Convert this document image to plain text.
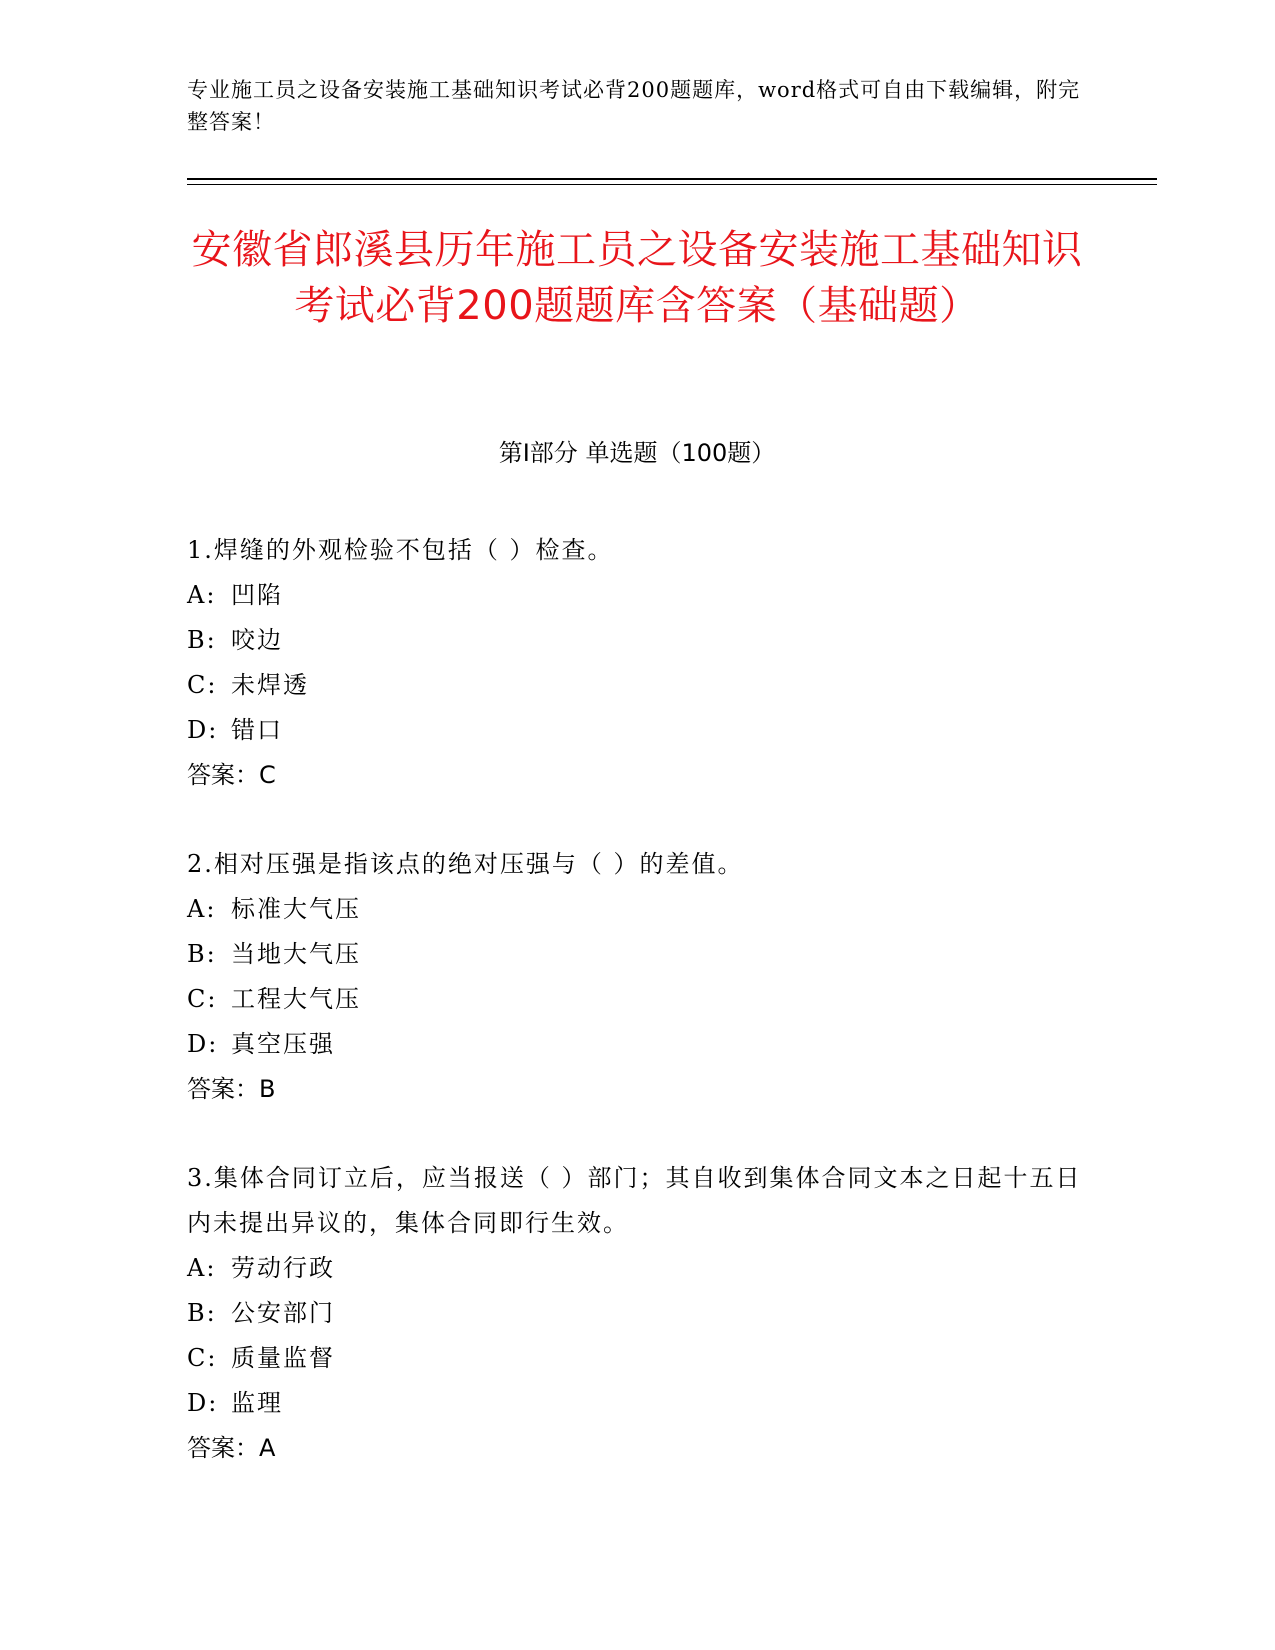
专业施工员之设备安装施工基础知识考试必背200题题库，word格式可自由下载编辑，附完整答案！
安徽省郎溪县历年施工员之设备安装施工基础知识考试必背200题题库含答案（基础题）
第I部分 单选题（100题）
1.焊缝的外观检验不包括（ ）检查。
A: 凹陷
B: 咬边
C: 未焊透
D: 错口
答案：C
2.相对压强是指该点的绝对压强与（ ）的差值。
A: 标准大气压
B: 当地大气压
C: 工程大气压
D: 真空压强
答案：B
3.集体合同订立后，应当报送（ ）部门；其自收到集体合同文本之日起十五日内未提出异议的，集体合同即行生效。
A: 劳动行政
B: 公安部门
C: 质量监督
D: 监理
答案：A
